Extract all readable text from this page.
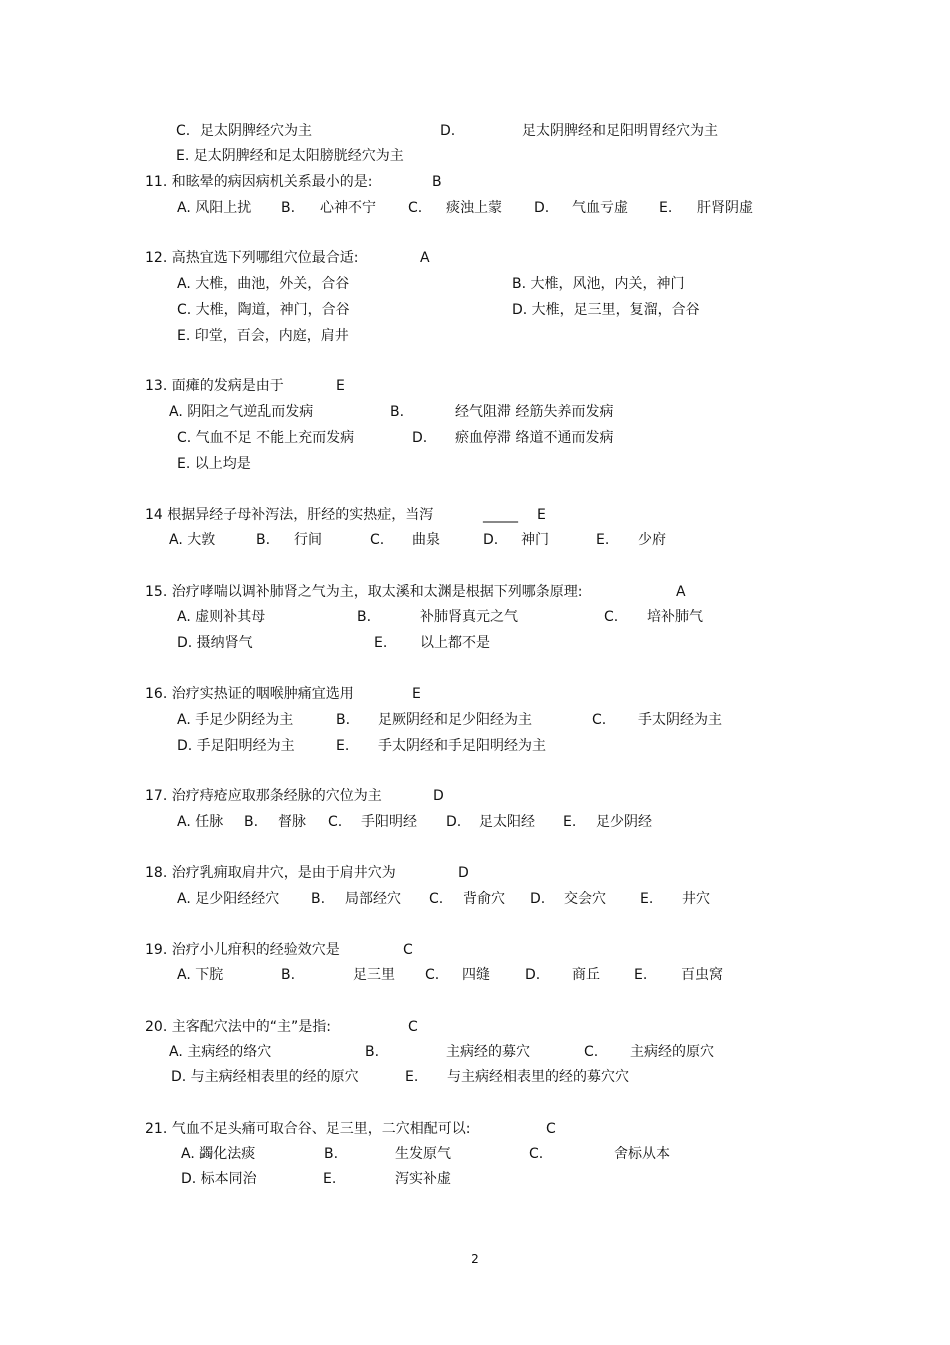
C. 足太阴脾经穴为主	D.	足太阴脾经和足阳明胃经穴为主
E. 足太阴脾经和足太阳膀胱经穴为主
11. 和眩晕的病因病机关系最小的是:	B
A. 风阳上扰 B. 心神不宁 C. 痰浊上蒙 D. 气血亏虚 E. 肝肾阴虚
12. 高热宜选下列哪组穴位最合适:	A
A. 大椎，曲池，外关，合谷	B. 大椎，风池，内关，神门
C. 大椎，陶道，神门，合谷	D. 大椎，足三里，复溜，合谷
E. 印堂，百会，内庭，肩井
13. 面瘫的发病是由于	E
A. 阴阳之气逆乱而发病	B.	经气阻滞 经筋失养而发病
C. 气血不足 不能上充而发病	D. 瘀血停滞 络道不通而发病
E. 以上均是
14 根据异经子母补泻法，肝经的实热症，当泻	_____ E
A. 大敦	B. 行间	C. 曲泉	D. 神门	E. 少府
15. 治疗哮喘以调补肺肾之气为主，取太溪和太渊是根据下列哪条原理:	A
A. 虚则补其母	B.	补肺肾真元之气	C. 培补肺气
D. 摄纳肾气	E. 以上都不是
16. 治疗实热证的咽喉肿痛宜选用	E
A. 手足少阴经为主	B. 足厥阴经和足少阳经为主	C. 手太阴经为主
D. 手足阳明经为主	E. 手太阴经和手足阳明经为主
17. 治疗痔疮应取那条经脉的穴位为主	D
A. 任脉 B. 督脉 C. 手阳明经 D. 足太阳经 E. 足少阴经
18. 治疗乳痈取肩井穴，是由于肩井穴为	D
A. 足少阳经经穴 B. 局部经穴 C. 背俞穴 D. 交会穴 E. 井穴
19. 治疗小儿疳积的经验效穴是	C
A. 下脘	B.	足三里 C. 四缝	D. 商丘 E. 百虫窝
20. 主客配穴法中的“主”是指:	C
A. 主病经的络穴	B.	主病经的募穴	C. 主病经的原穴
D. 与主病经相表里的经的原穴	E. 与主病经相表里的经的募穴穴
21. 气血不足头痛可取合谷、足三里，二穴相配可以:	C
A. 蠲化法痰	B.	生发原气	C.	舍标从本
D. 标本同治	E.	泻实补虚
2
